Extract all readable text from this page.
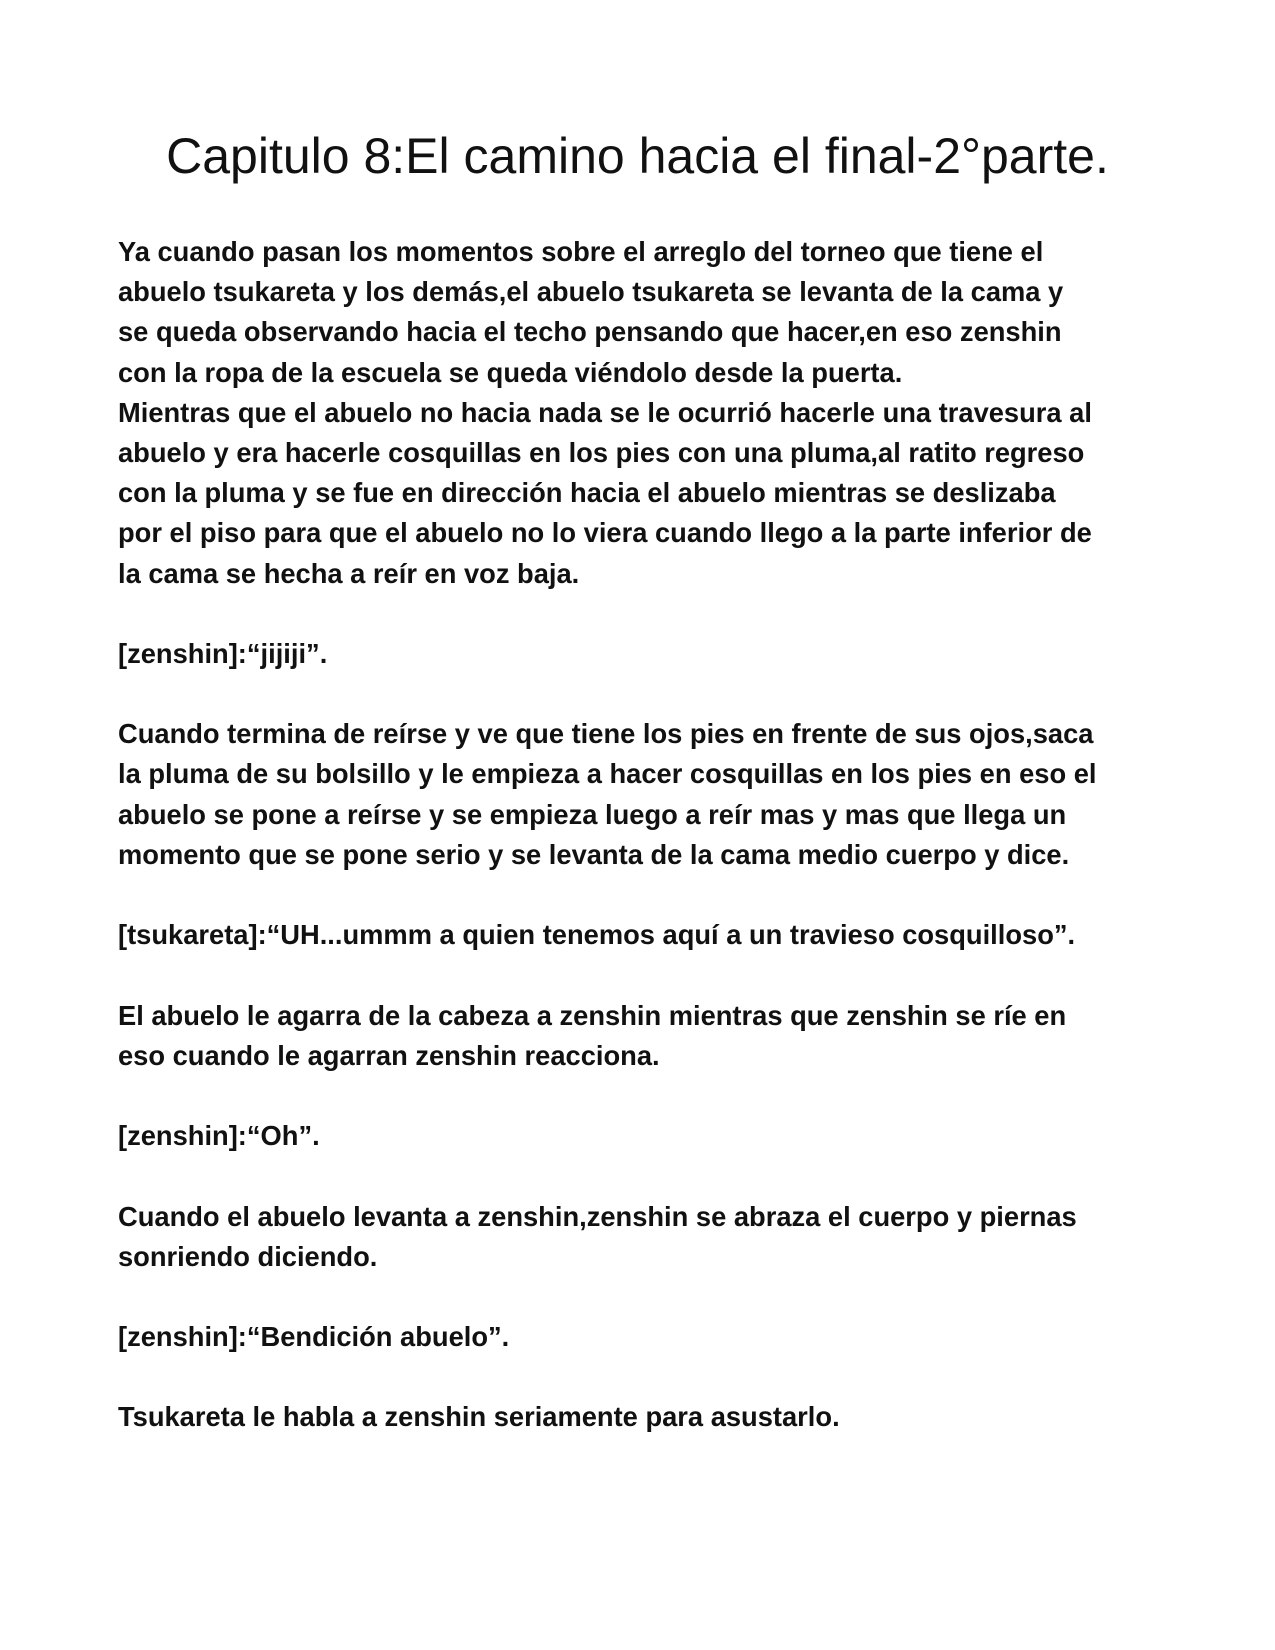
Capitulo 8:El camino hacia el final-2°parte.
Ya cuando pasan los momentos sobre el arreglo del torneo que tiene el
abuelo tsukareta y los demás,el abuelo tsukareta se levanta de la cama y
se queda observando hacia el techo pensando que hacer,en eso zenshin
con la ropa de la escuela se queda viéndolo desde la puerta.
Mientras que el abuelo no hacia nada se le ocurrió hacerle una travesura al
abuelo y era hacerle cosquillas en los pies con una pluma,al ratito regreso
con la pluma y se fue en dirección hacia el abuelo mientras se deslizaba
por el piso para que el abuelo no lo viera cuando llego a la parte inferior de
la cama se hecha a reír en voz baja.
[zenshin]:“jijiji”.
Cuando termina de reírse y ve que tiene los pies en frente de sus ojos,saca
la pluma de su bolsillo y le empieza a hacer cosquillas en los pies en eso el
abuelo se pone a reírse y se empieza luego a reír mas y mas que llega un
momento que se pone serio y se levanta de la cama medio cuerpo y dice.
[tsukareta]:“UH...ummm a quien tenemos aquí a un travieso cosquilloso”.
El abuelo le agarra de la cabeza a zenshin mientras que zenshin se ríe en
eso cuando le agarran zenshin reacciona.
[zenshin]:“Oh”.
Cuando el abuelo levanta a zenshin,zenshin se abraza el cuerpo y piernas
sonriendo diciendo.
[zenshin]:“Bendición abuelo”.
Tsukareta le habla a zenshin seriamente para asustarlo.
